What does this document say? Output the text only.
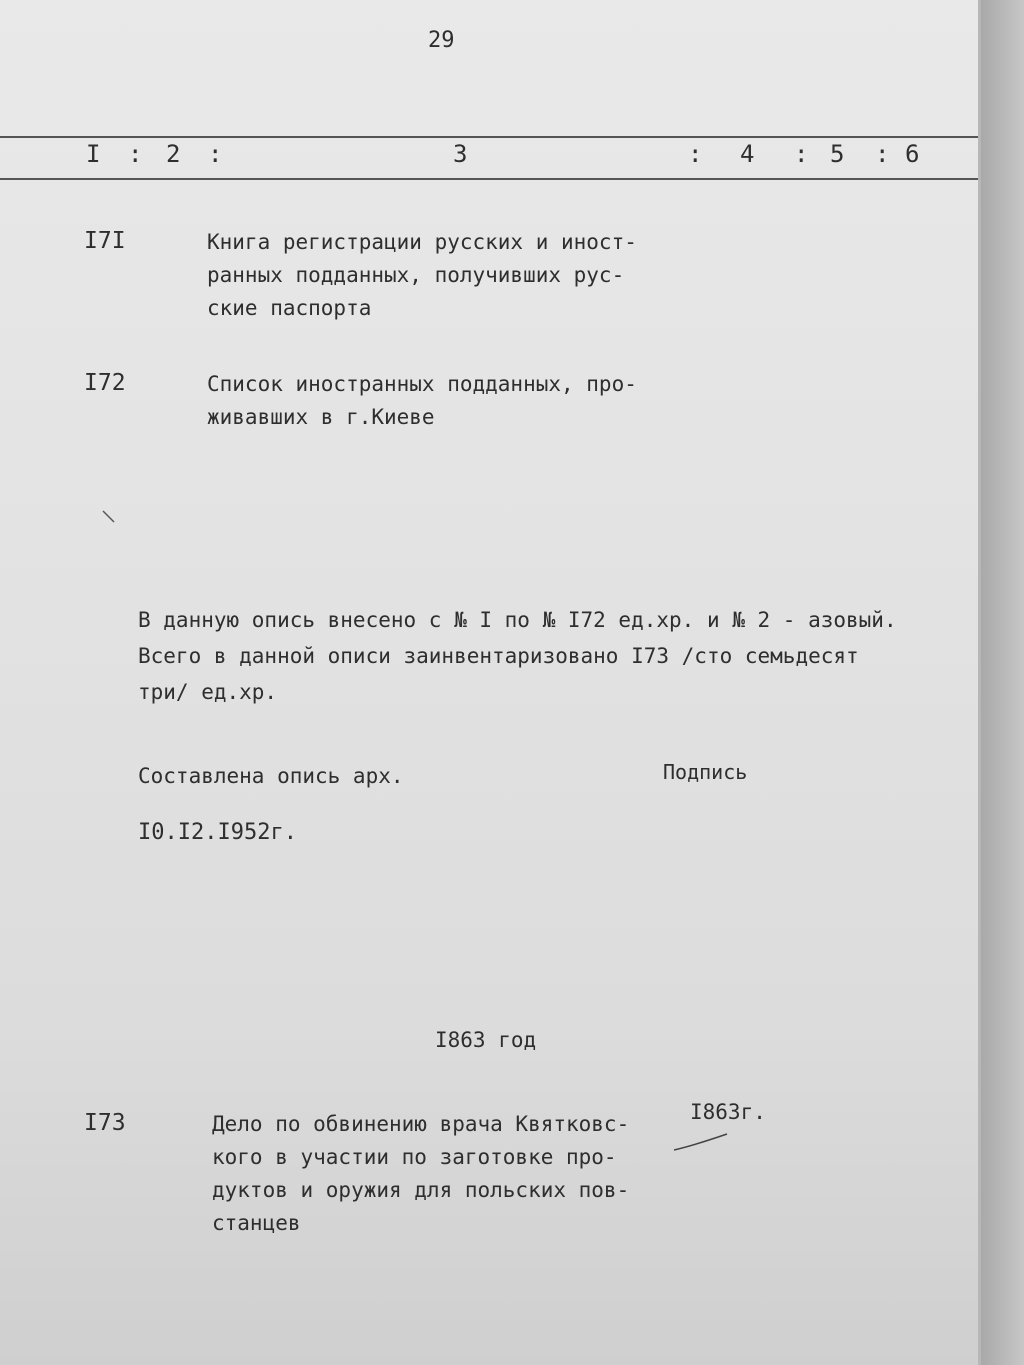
29
I : 2 :	3	: 4 : 5 : 6
I7I	Книга регистрации русских и иност-
ранных подданных, получивших рус-
ские паспорта
I72	Список иностранных подданных, про-
живавших в г.Киеве
В данную опись внесено с № I по № I72 ед.хр. и № 2 - азовый.
Всего в данной описи заинвентаризовано I73 /сто семьдесят
три/ ед.хр.
Составлена опись арх.	Подпись
I0.I2.I952г.
I863 год
I73	Дело по обвинению врача Квятковс-
кого в участии по заготовке про-
дуктов и оружия для польских пов-
станцев
I863г.
